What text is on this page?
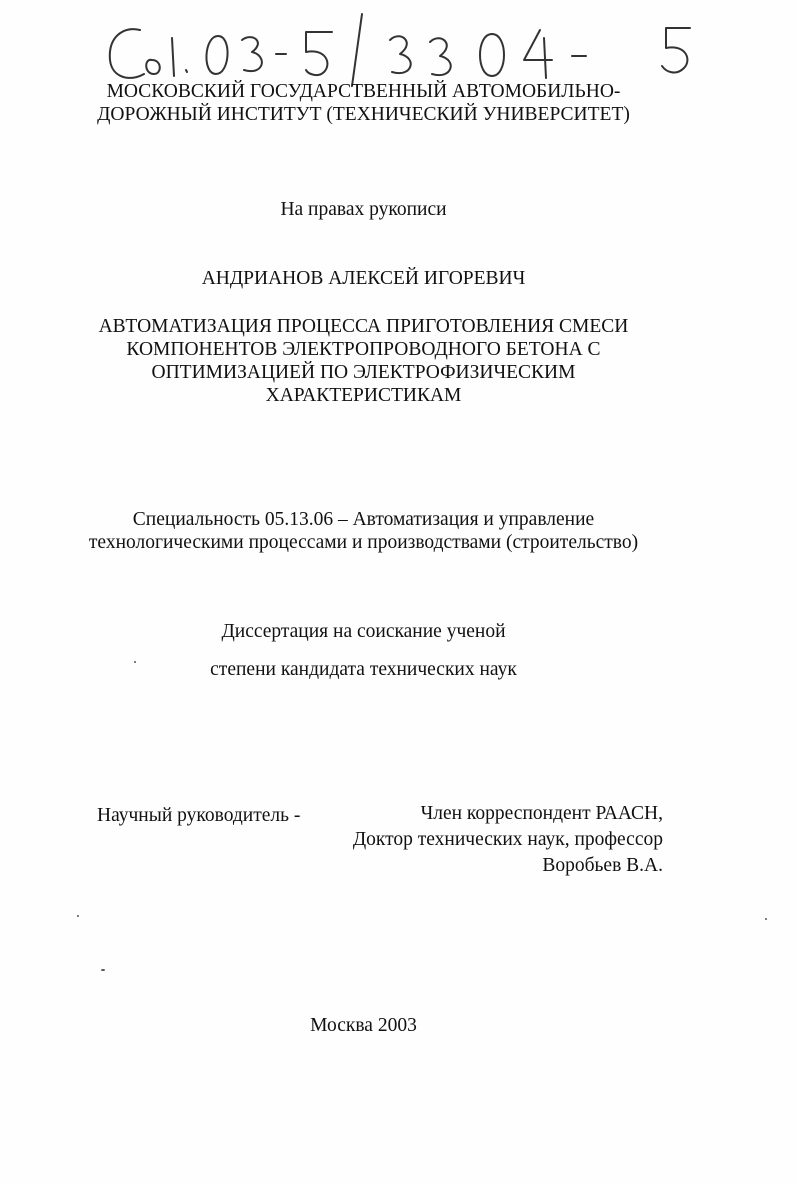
МОСКОВСКИЙ ГОСУДАРСТВЕННЫЙ АВТОМОБИЛЬНО-
ДОРОЖНЫЙ ИНСТИТУТ (ТЕХНИЧЕСКИЙ УНИВЕРСИТЕТ)
На правах рукописи
АНДРИАНОВ АЛЕКСЕЙ ИГОРЕВИЧ
АВТОМАТИЗАЦИЯ ПРОЦЕССА ПРИГОТОВЛЕНИЯ СМЕСИ
КОМПОНЕНТОВ ЭЛЕКТРОПРОВОДНОГО БЕТОНА С
ОПТИМИЗАЦИЕЙ ПО ЭЛЕКТРОФИЗИЧЕСКИМ
ХАРАКТЕРИСТИКАМ
Специальность 05.13.06 – Автоматизация и управление
технологическими процессами и производствами (строительство)
Диссертация на соискание ученой
степени кандидата технических наук
Научный руководитель -	Член корреспондент РААСН,
Доктор технических наук, профессор
Воробьев В.А.
Москва 2003
